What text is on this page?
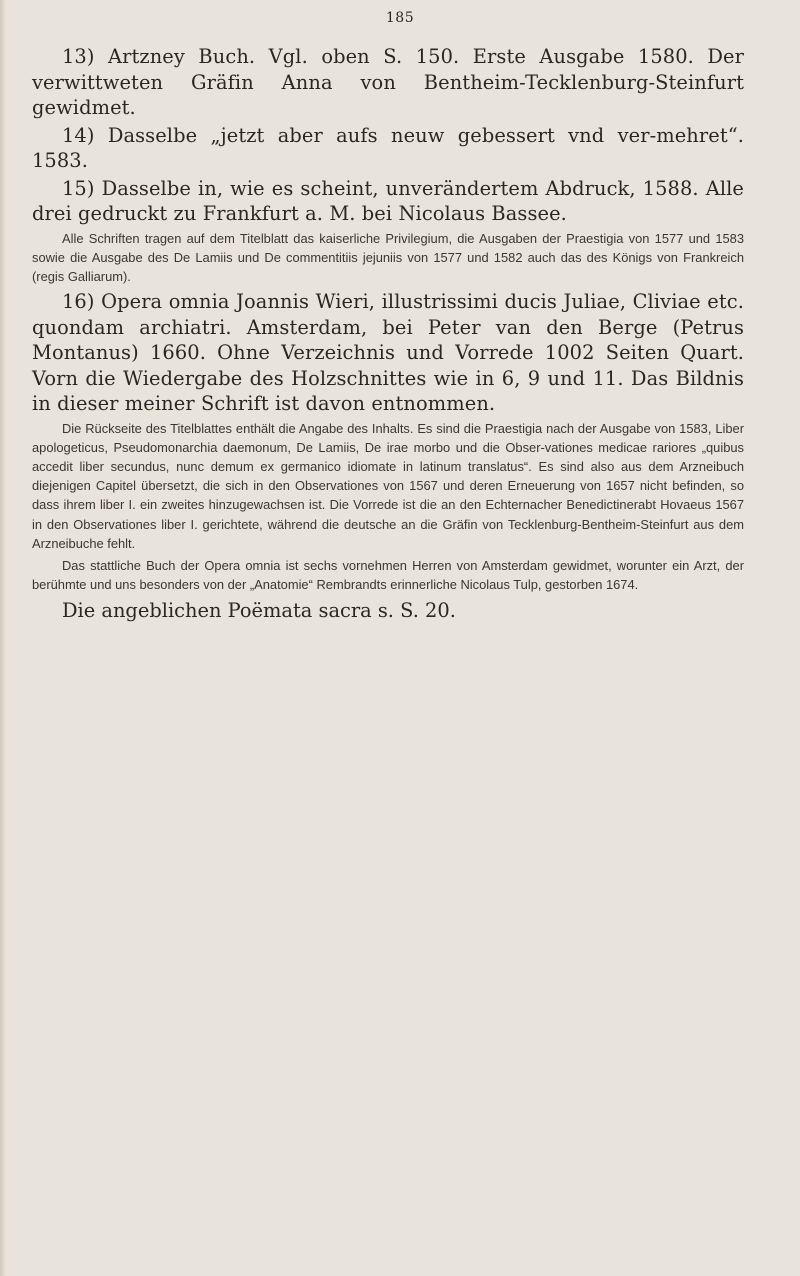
185

13) Artzney Buch. Vgl. oben S. 150. Erste Ausgabe 1580. Der verwittweten Gräfin Anna von Bentheim-Tecklenburg-Steinfurt gewidmet.

14) Dasselbe „jetzt aber aufs neuw gebessert vnd ver-mehret“. 1583.

15) Dasselbe in, wie es scheint, unverändertem Abdruck, 1588. Alle drei gedruckt zu Frankfurt a. M. bei Nicolaus Bassee.

Alle Schriften tragen auf dem Titelblatt das kaiserliche Privilegium, die Ausgaben der Praestigia von 1577 und 1583 sowie die Ausgabe des De Lamiis und De commentitiis jejuniis von 1577 und 1582 auch das des Königs von Frankreich (regis Galliarum).

16) Opera omnia Joannis Wieri, illustrissimi ducis Juliae, Cliviae etc. quondam archiatri. Amsterdam, bei Peter van den Berge (Petrus Montanus) 1660. Ohne Verzeichnis und Vorrede 1002 Seiten Quart. Vorn die Wiedergabe des Holzschnittes wie in 6, 9 und 11. Das Bildnis in dieser meiner Schrift ist davon entnommen.

Die Rückseite des Titelblattes enthält die Angabe des Inhalts. Es sind die Praestigia nach der Ausgabe von 1583, Liber apologeticus, Pseudomonarchia daemonum, De Lamiis, De irae morbo und die Obser-vationes medicae rariores „quibus accedit liber secundus, nunc demum ex germanico idiomate in latinum translatus“. Es sind also aus dem Arzneibuch diejenigen Capitel übersetzt, die sich in den Observationes von 1567 und deren Erneuerung von 1657 nicht befinden, so dass ihrem liber I. ein zweites hinzugewachsen ist. Die Vorrede ist die an den Echternacher Benedictinerabt Hovaeus 1567 in den Observationes liber I. gerichtete, während die deutsche an die Gräfin von Tecklenburg-Bentheim-Steinfurt aus dem Arzneibuche fehlt.

Das stattliche Buch der Opera omnia ist sechs vornehmen Herren von Amsterdam gewidmet, worunter ein Arzt, der berühmte und uns besonders von der „Anatomie“ Rembrandts erinnerliche Nicolaus Tulp, gestorben 1674.

Die angeblichen Poëmata sacra s. S. 20.
